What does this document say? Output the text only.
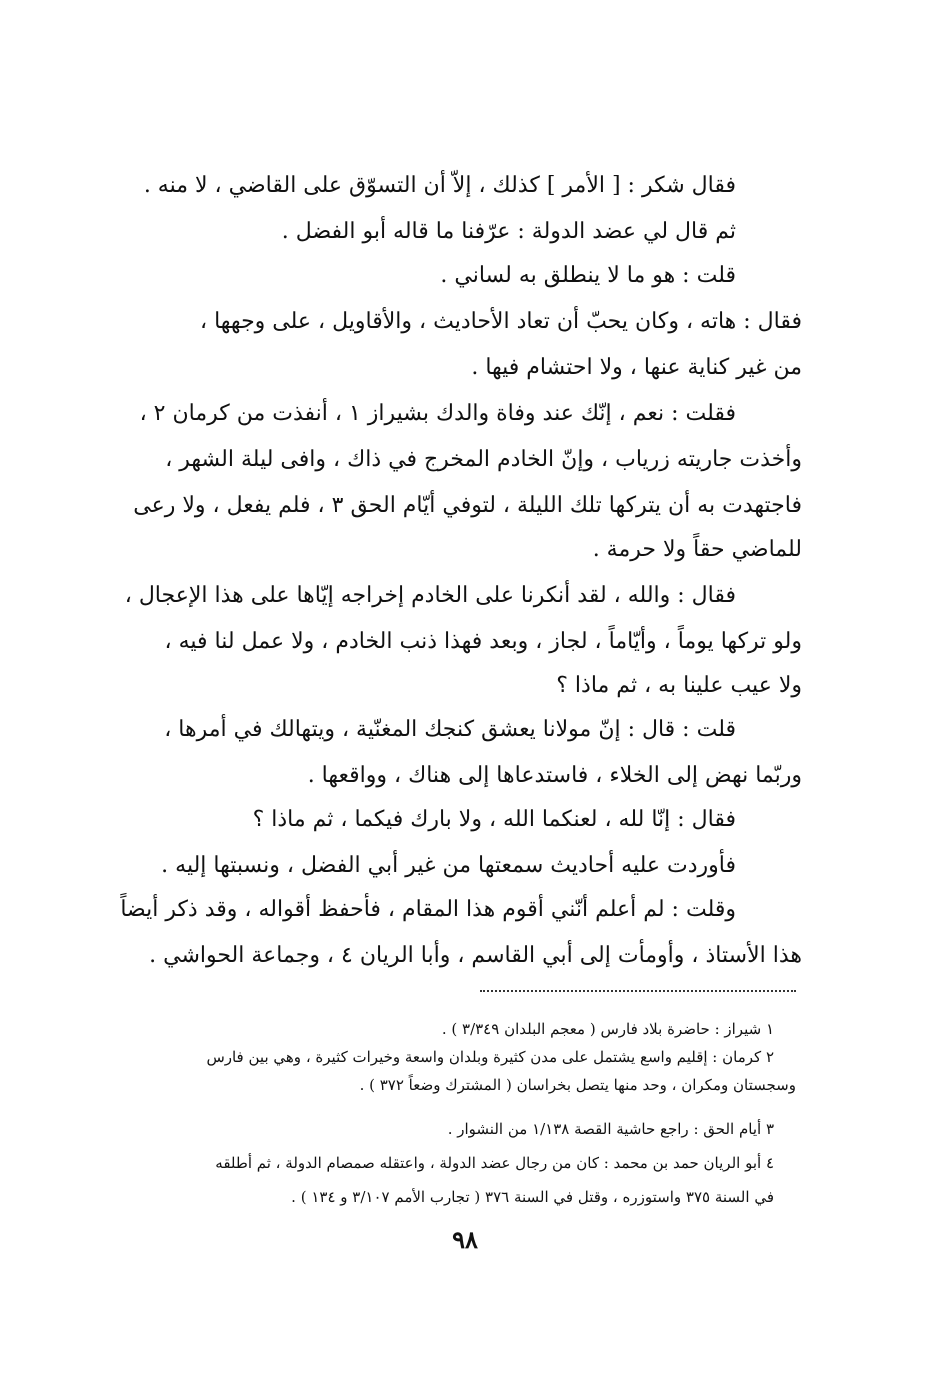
فقال شكر : [ الأمر ] كذلك ، إلاّ أن التسوّق على القاضي ، لا منه .
ثم قال لي عضد الدولة : عرّفنا ما قاله أبو الفضل .
قلت : هو ما لا ينطلق به لساني .
فقال : هاته ، وكان يحبّ أن تعاد الأحاديث ، والأقاويل ، على وجهها ،
من غير كناية عنها ، ولا احتشام فيها .
فقلت : نعم ، إنّك عند وفاة والدك بشيراز ١ ، أنفذت من كرمان ٢ ،
وأخذت جاريته زرياب ، وإنّ الخادم المخرج في ذاك ، وافى ليلة الشهر ،
فاجتهدت به أن يتركها تلك الليلة ، لتوفي أيّام الحق ٣ ، فلم يفعل ، ولا رعى
للماضي حقاً ولا حرمة .
فقال : والله ، لقد أنكرنا على الخادم إخراجه إيّاها على هذا الإعجال ،
ولو تركها يوماً ، وأيّاماً ، لجاز ، وبعد فهذا ذنب الخادم ، ولا عمل لنا فيه ،
ولا عيب علينا به ، ثم ماذا ؟
قلت : قال : إنّ مولانا يعشق كنجك المغنّية ، ويتهالك في أمرها ،
وربّما نهض إلى الخلاء ، فاستدعاها إلى هناك ، وواقعها .
فقال : إنّا لله ، لعنكما الله ، ولا بارك فيكما ، ثم ماذا ؟
فأوردت عليه أحاديث سمعتها من غير أبي الفضل ، ونسبتها إليه .
وقلت : لم أعلم أنّني أقوم هذا المقام ، فأحفظ أقواله ، وقد ذكر أيضاً
هذا الأستاذ ، وأومأت إلى أبي القاسم ، وأبا الريان ٤ ، وجماعة الحواشي .
١ شيراز : حاضرة بلاد فارس ( معجم البلدان ٣/٣٤٩ ) .
٢ كرمان : إقليم واسع يشتمل على مدن كثيرة وبلدان واسعة وخيرات كثيرة ، وهي بين فارس
وسجستان ومكران ، وحد منها يتصل بخراسان ( المشترك وضعاً ٣٧٢ ) .
٣ أيام الحق : راجع حاشية القصة ١/١٣٨ من النشوار .
٤ أبو الريان حمد بن محمد : كان من رجال عضد الدولة ، واعتقله صمصام الدولة ، ثم أطلقه
في السنة ٣٧٥ واستوزره ، وقتل في السنة ٣٧٦ ( تجارب الأمم ٣/١٠٧ و ١٣٤ ) .
٩٨
